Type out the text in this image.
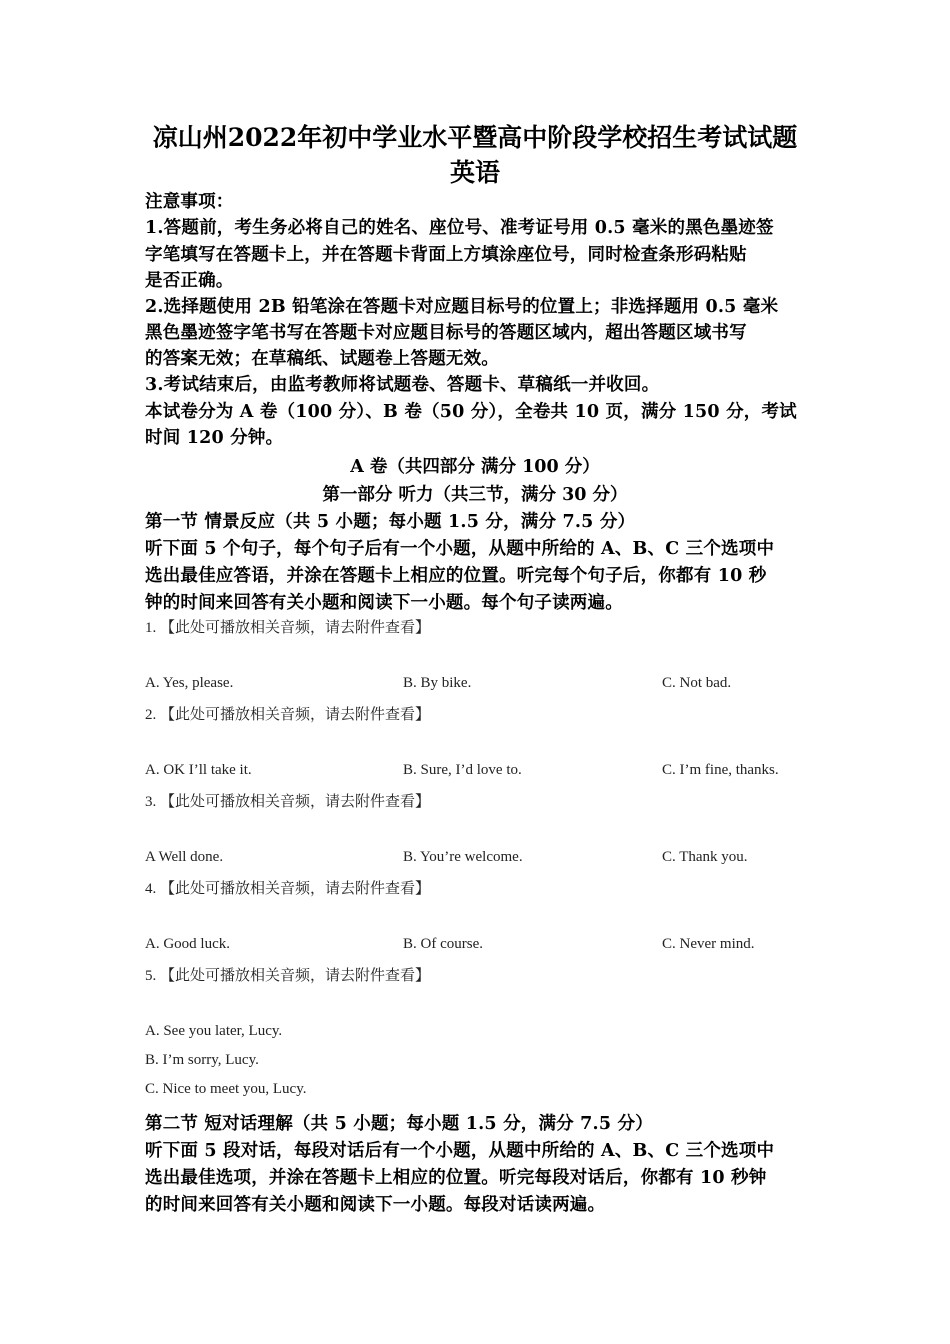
凉山州2022年初中学业水平暨高中阶段学校招生考试试题
英语
注意事项：
1.答题前，考生务必将自己的姓名、座位号、准考证号用 0.5 毫米的黑色墨迹签
字笔填写在答题卡上，并在答题卡背面上方填涂座位号，同时检查条形码粘贴
是否正确。
2.选择题使用 2B 铅笔涂在答题卡对应题目标号的位置上；非选择题用 0.5 毫米
黑色墨迹签字笔书写在答题卡对应题目标号的答题区域内，超出答题区域书写
的答案无效；在草稿纸、试题卷上答题无效。
3.考试结束后，由监考教师将试题卷、答题卡、草稿纸一并收回。
本试卷分为 A 卷（100 分）、B 卷（50 分），全卷共 10 页，满分 150 分，考试
时间 120 分钟。
A 卷（共四部分 满分 100 分）
第一部分 听力（共三节，满分 30 分）
第一节 情景反应（共 5 小题；每小题 1.5 分，满分 7.5 分）
听下面 5 个句子，每个句子后有一个小题，从题中所给的 A、B、C 三个选项中
选出最佳应答语，并涂在答题卡上相应的位置。听完每个句子后，你都有 10 秒
钟的时间来回答有关小题和阅读下一小题。每个句子读两遍。
1. 【此处可播放相关音频，请去附件查看】
A. Yes, please.	B. By bike.	C. Not bad.
2. 【此处可播放相关音频，请去附件查看】
A. OK I’ll take it.	B. Sure, I’d love to.	C. I’m fine, thanks.
3. 【此处可播放相关音频，请去附件查看】
A Well done.	B. You’re welcome.	C. Thank you.
4. 【此处可播放相关音频，请去附件查看】
A. Good luck.	B. Of course.	C. Never mind.
5. 【此处可播放相关音频，请去附件查看】
A. See you later, Lucy.
B. I’m sorry, Lucy.
C. Nice to meet you, Lucy.
第二节 短对话理解（共 5 小题；每小题 1.5 分，满分 7.5 分）
听下面 5 段对话，每段对话后有一个小题，从题中所给的 A、B、C 三个选项中
选出最佳选项，并涂在答题卡上相应的位置。听完每段对话后，你都有 10 秒钟
的时间来回答有关小题和阅读下一小题。每段对话读两遍。
